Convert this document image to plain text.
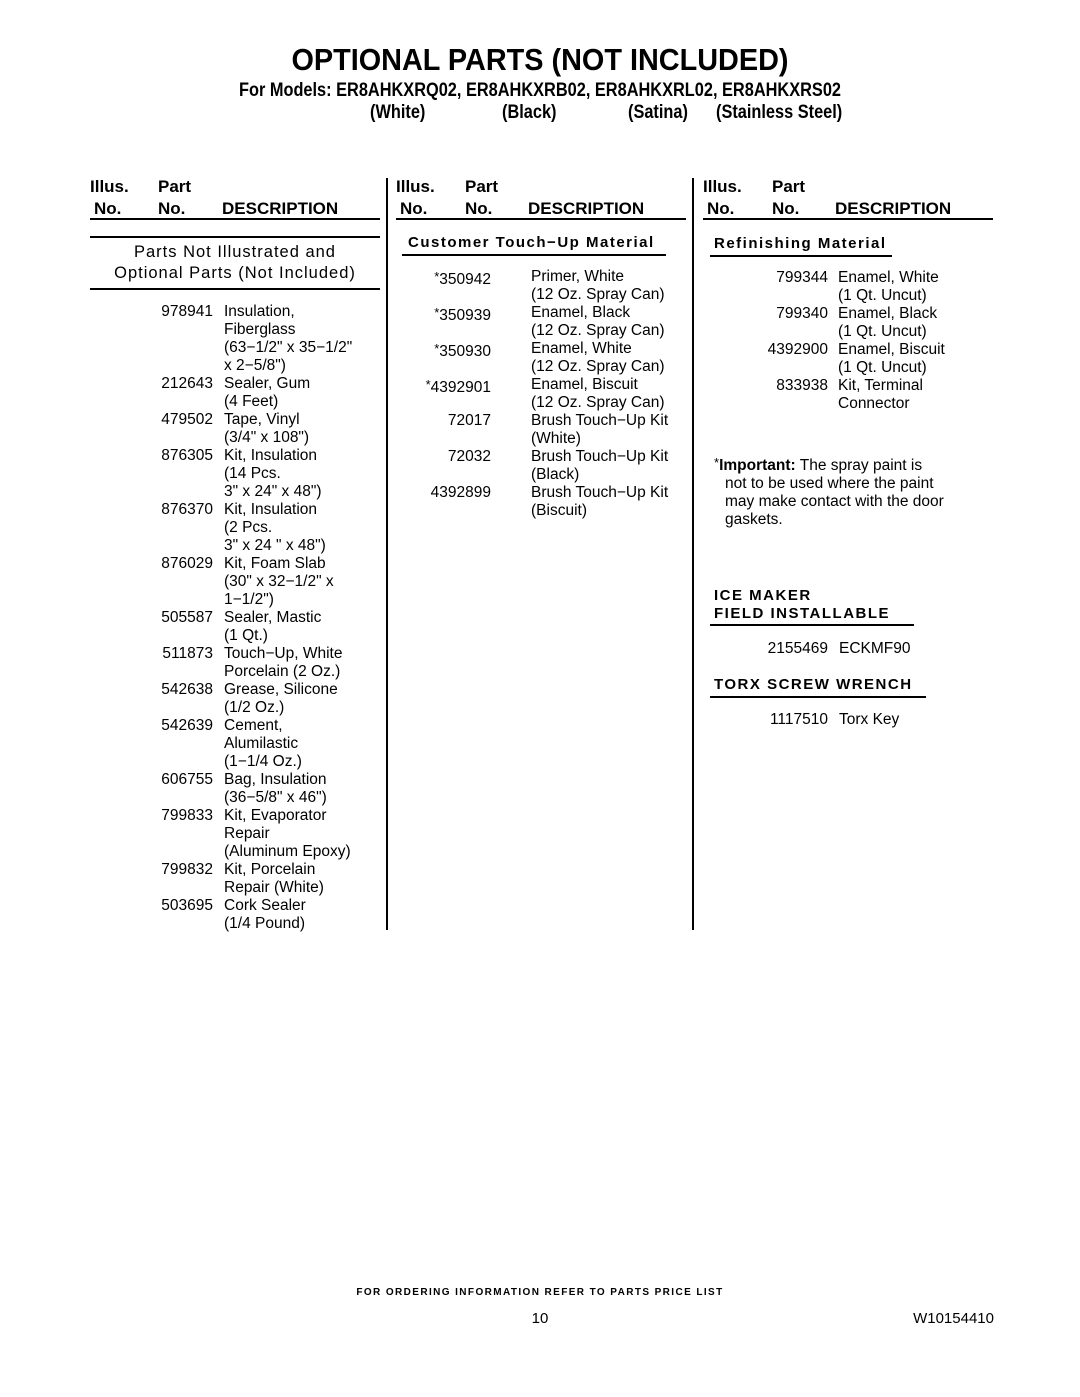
OPTIONAL PARTS (NOT INCLUDED)
For Models: ER8AHKXRQ02, ER8AHKXRB02, ER8AHKXRL02, ER8AHKXRS02
(White)	(Black)	(Satina) (Stainless Steel)
Illus. Part
No. No. DESCRIPTION
Illus. Part
No. No. DESCRIPTION
Illus. Part
No. No. DESCRIPTION
Parts Not Illustrated and
Optional Parts (Not Included)
978941 Insulation,
Fiberglass
(63−1/2" x 35−1/2"
x 2−5/8")
212643 Sealer, Gum
(4 Feet)
479502 Tape, Vinyl
(3/4" x 108")
876305 Kit, Insulation
(14 Pcs.
3" x 24" x 48")
876370 Kit, Insulation
(2 Pcs.
3" x 24 " x 48")
876029 Kit, Foam Slab
(30" x 32−1/2" x
1−1/2")
505587 Sealer, Mastic
(1 Qt.)
511873 Touch−Up, White
Porcelain (2 Oz.)
542638 Grease, Silicone
(1/2 Oz.)
542639 Cement,
Alumilastic
(1−1/4 Oz.)
606755 Bag, Insulation
(36−5/8" x 46")
799833 Kit, Evaporator
Repair
(Aluminum Epoxy)
799832 Kit, Porcelain
Repair (White)
503695 Cork Sealer
(1/4 Pound)
Customer Touch−Up Material
*350942	Primer, White
(12 Oz. Spray Can)
*350939	Enamel, Black
(12 Oz. Spray Can)
*350930	Enamel, White
(12 Oz. Spray Can)
*4392901	Enamel, Biscuit
(12 Oz. Spray Can)
72017	Brush Touch−Up Kit
(White)
72032	Brush Touch−Up Kit
(Black)
4392899	Brush Touch−Up Kit
(Biscuit)
Refinishing Material
799344 Enamel, White
(1 Qt. Uncut)
799340 Enamel, Black
(1 Qt. Uncut)
4392900 Enamel, Biscuit
(1 Qt. Uncut)
833938 Kit, Terminal
Connector
*Important: The spray paint is
not to be used where the paint
may make contact with the door
gaskets.
ICE MAKER
FIELD INSTALLABLE
2155469 ECKMF90
TORX SCREW WRENCH
1117510 Torx Key
FOR ORDERING INFORMATION REFER TO PARTS PRICE LIST
10	W10154410
